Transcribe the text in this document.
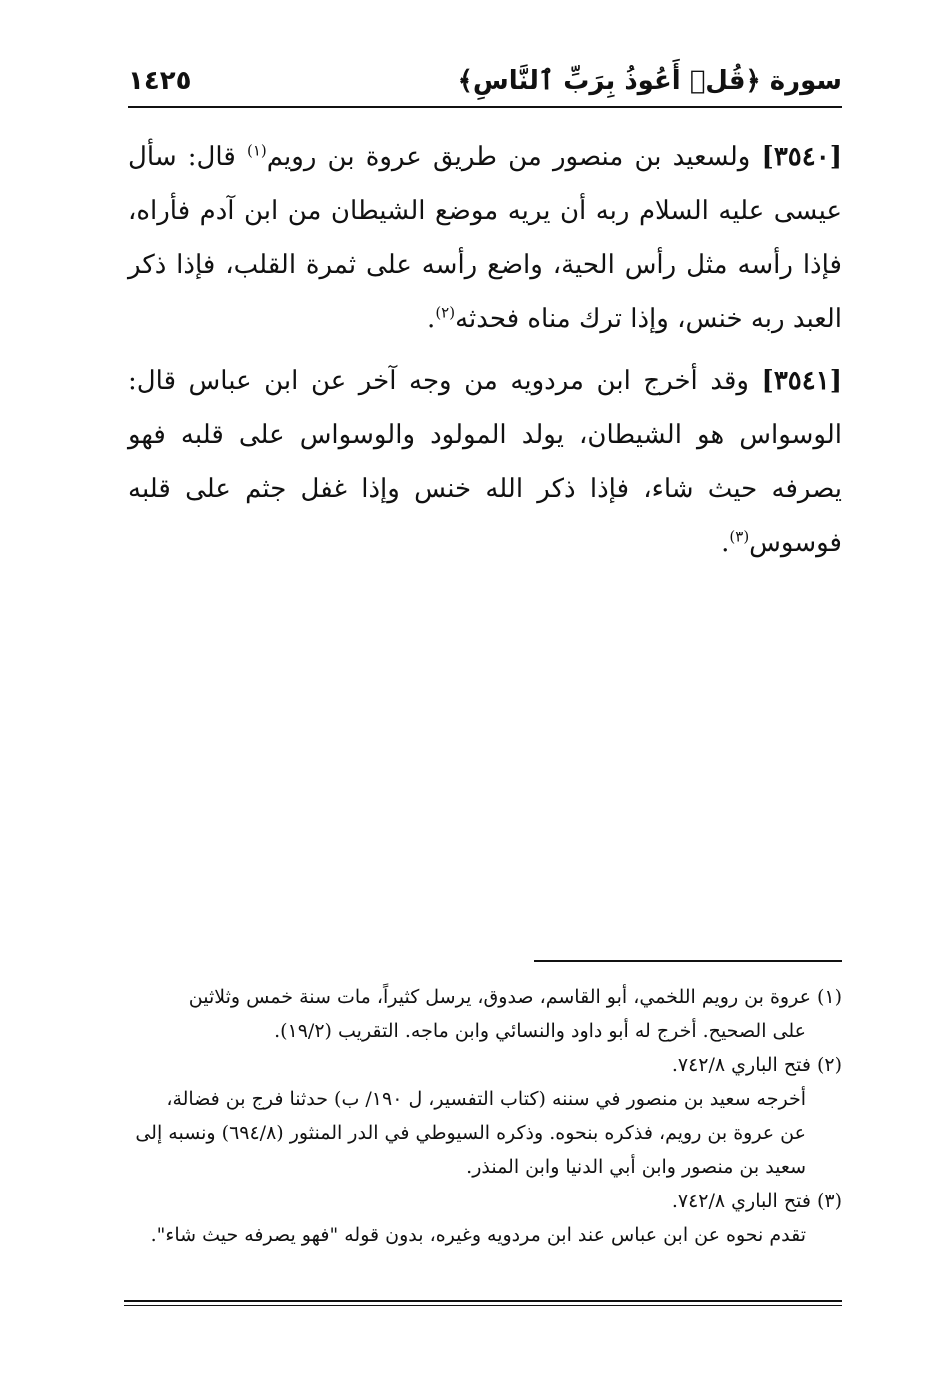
سورة ﴿قُلۡ أَعُوذُ بِرَبِّ ٱلنَّاسِ﴾
١٤٢٥

[٣٥٤٠] ولسعيد بن منصور من طريق عروة بن رويم$^{(١)}$ قال: سأل عيسى عليه السلام ربه أن يريه موضع الشيطان من ابن آدم فأراه، فإذا رأسه مثل رأس الحية، واضع رأسه على ثمرة القلب، فإذا ذكر العبد ربه خنس، وإذا ترك مناه فحدثه$^{(٢)}$.

[٣٥٤١] وقد أخرج ابن مردويه من وجه آخر عن ابن عباس قال: الوسواس هو الشيطان، يولد المولود والوسواس على قلبه فهو يصرفه حيث شاء، فإذا ذكر الله خنس وإذا غفل جثم على قلبه فوسوس$^{(٣)}$.

(١) عروة بن رويم اللخمي، أبو القاسم، صدوق، يرسل كثيراً، مات سنة خمس وثلاثين
على الصحيح. أخرج له أبو داود والنسائي وابن ماجه. التقريب (١٩/٢).

(٢) فتح الباري ٧٤٢/٨.
أخرجه سعيد بن منصور في سننه (كتاب التفسير، ل ١٩٠/ ب) حدثنا فرج بن فضالة،
عن عروة بن رويم، فذكره بنحوه. وذكره السيوطي في الدر المنثور (٦٩٤/٨) ونسبه إلى
سعيد بن منصور وابن أبي الدنيا وابن المنذر.

(٣) فتح الباري ٧٤٢/٨.
تقدم نحوه عن ابن عباس عند ابن مردويه وغيره، بدون قوله "فهو يصرفه حيث شاء".
